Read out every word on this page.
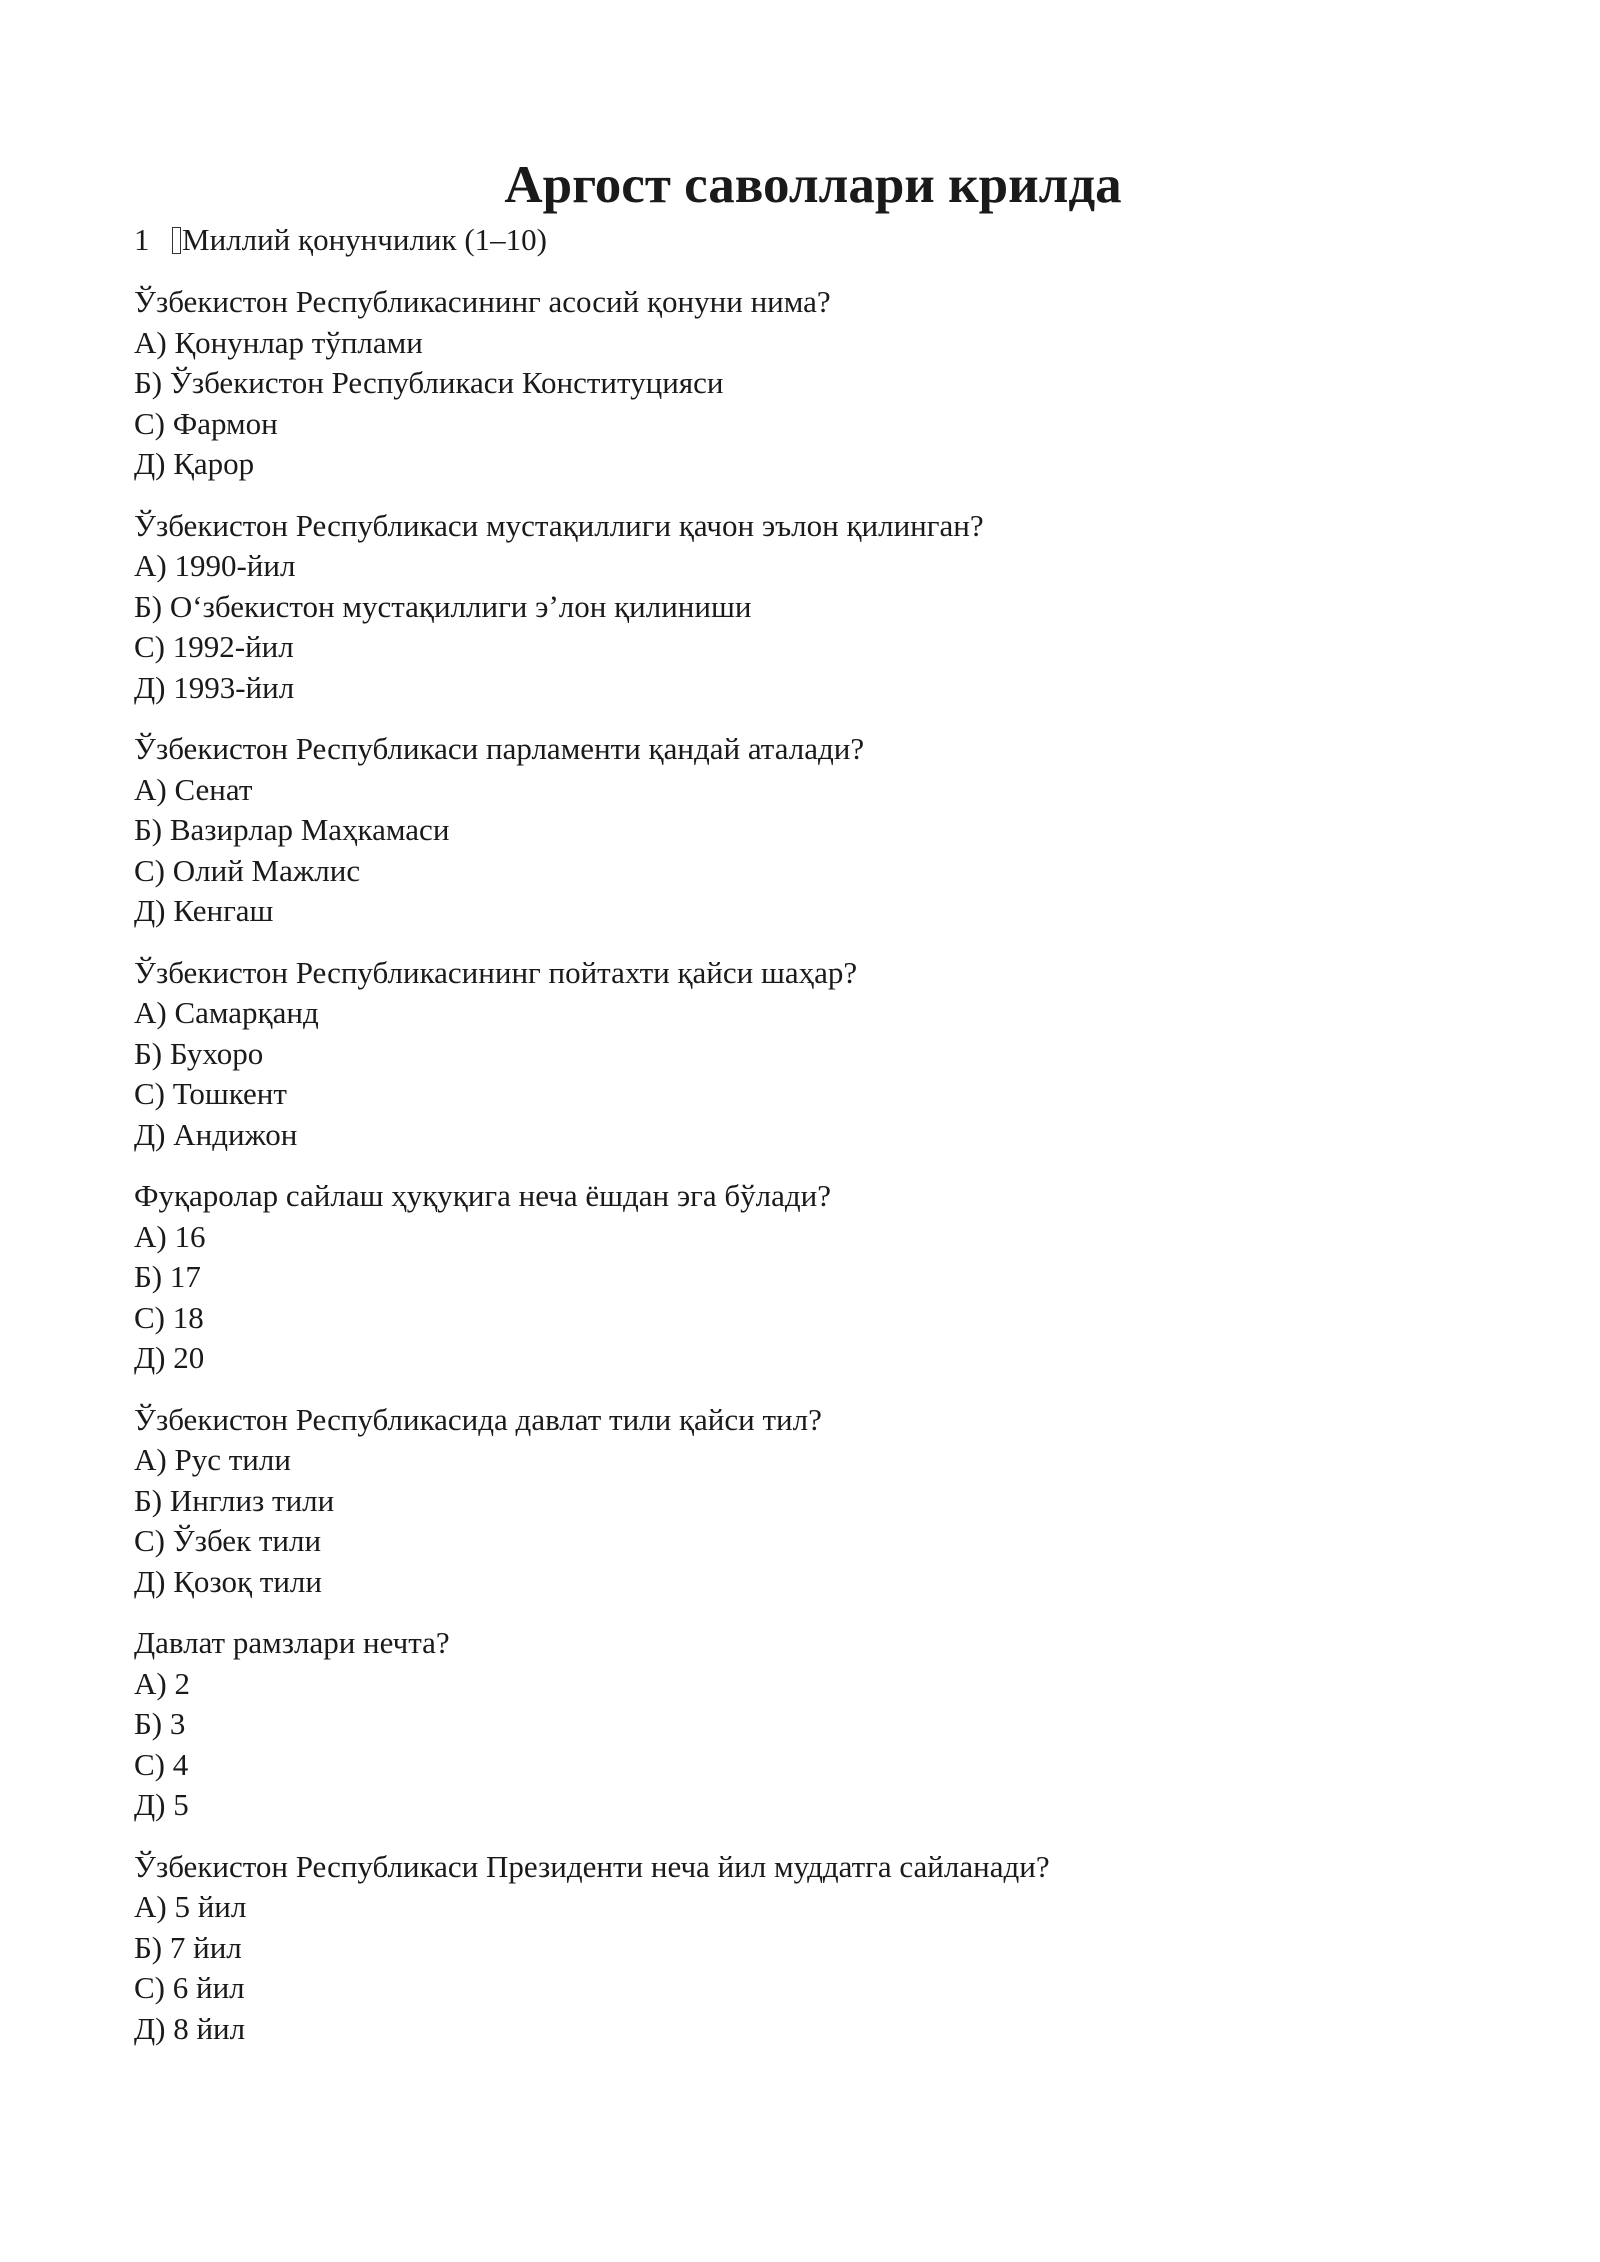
Аргост саволлари крилда
1 Миллий қонунчилик (1–10)
Ўзбекистон Республикасининг асосий қонуни нима?
A) Қонунлар тўплами
Б) Ўзбекистон Республикаси Конституцияси
C) Фармон
Д) Қарор
Ўзбекистон Республикаси мустақиллиги қачон эълон қилинган?
A) 1990-йил
Б) Oʻзбекистон мустақиллиги эʼлон қилиниши
C) 1992-йил
Д) 1993-йил
Ўзбекистон Республикаси парламенти қандай аталади?
A) Сенат
Б) Вазирлар Маҳкамаси
C) Олий Мажлис
Д) Кенгаш
Ўзбекистон Республикасининг пойтахти қайси шаҳар?
A) Самарқанд
Б) Бухоро
C) Тошкент
Д) Андижон
Фуқаролар сайлаш ҳуқуқига неча ёшдан эга бўлади?
A) 16
Б) 17
C) 18
Д) 20
Ўзбекистон Республикасида давлат тили қайси тил?
A) Рус тили
Б) Инглиз тили
C) Ўзбек тили
Д) Қозоқ тили
Давлат рамзлари нечта?
A) 2
Б) 3
C) 4
Д) 5
Ўзбекистон Республикаси Президенти неча йил муддатга сайланади?
A) 5 йил
Б) 7 йил
C) 6 йил
Д) 8 йил
